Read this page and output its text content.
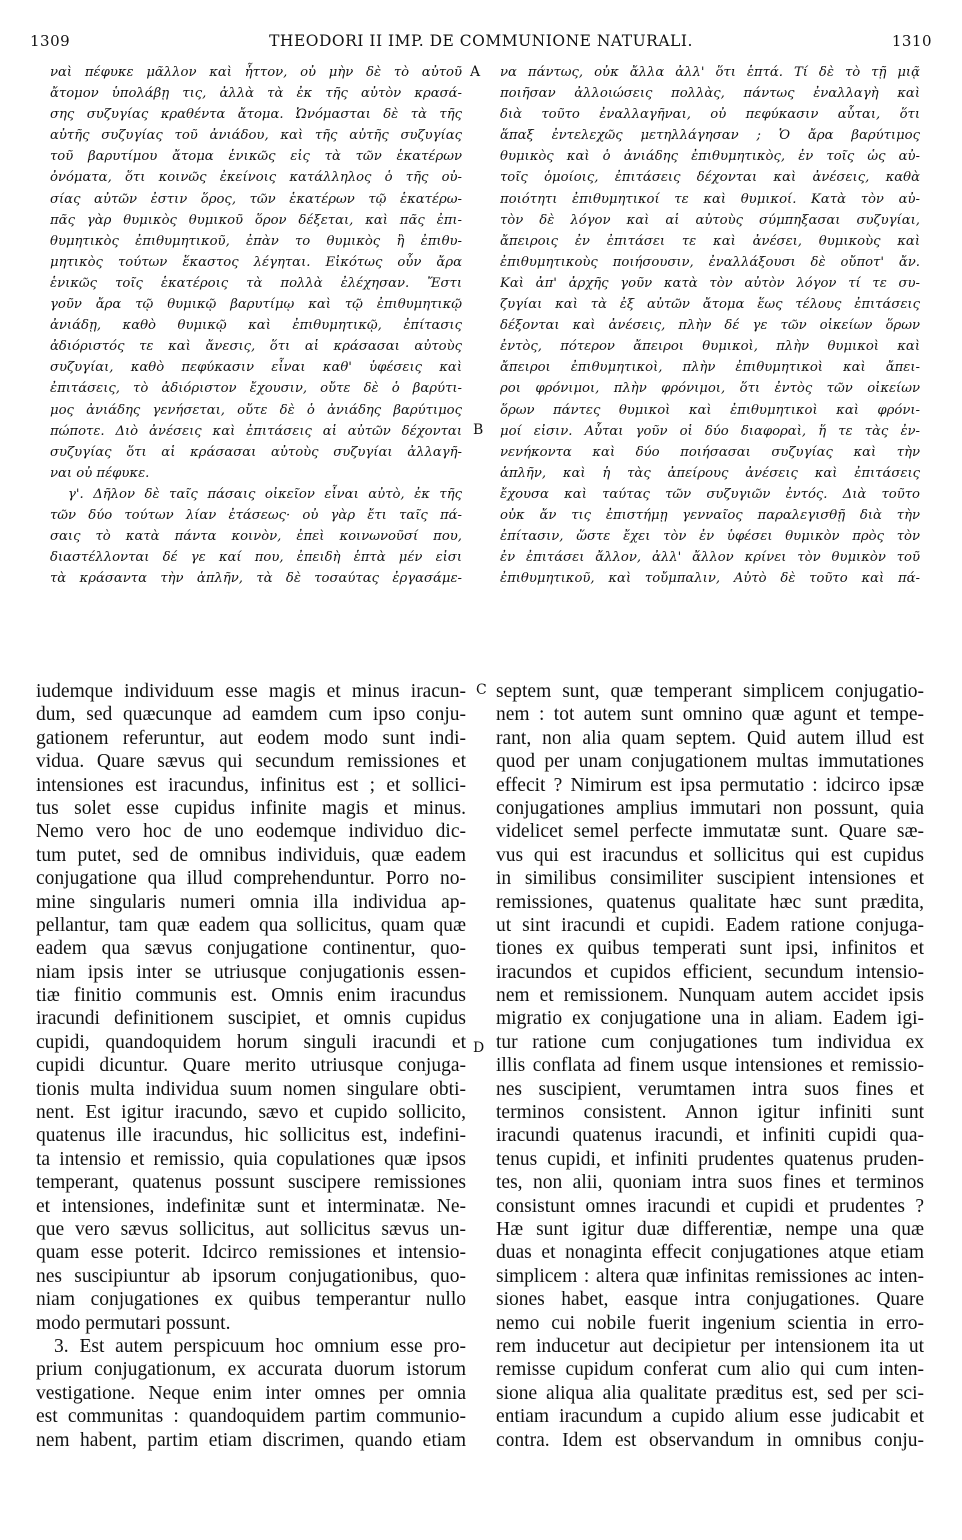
1309	THEODORI II IMP. DE COMMUNIONE NATURALI.	1310
ναὶ πέφυκε μᾶλλον καὶ ἧττον, οὐ μὴν δὲ τὸ αὐτοῦ
ἄτομον ὑπολάβῃ τις, ἀλλὰ τὰ ἐκ τῆς αὐτὸν κρασά-
σης συζυγίας κραθέντα ἄτομα. Ὠνόμασται δὲ τὰ τῆς
αὐτῆς συζυγίας τοῦ ἀνιάδου, καὶ τῆς αὐτῆς συζυγίας
τοῦ βαρυτίμου ἄτομα ἑνικῶς εἰς τὰ τῶν ἑκατέρων
ὀνόματα, ὅτι κοινῶς ἐκείνοις κατάλληλος ὁ τῆς οὐ-
σίας αὐτῶν ἐστιν ὅρος, τῶν ἑκατέρων τῷ ἑκατέρω-
πᾶς γὰρ θυμικὸς θυμικοῦ ὅρον δέξεται, καὶ πᾶς ἐπι-
θυμητικὸς ἐπιθυμητικοῦ, ἐπὰν το θυμικὸς ἢ ἐπιθυ-
μητικὸς τούτων ἕκαστος λέγηται. Εἰκότως οὖν ἄρα
ἑνικῶς τοῖς ἑκατέροις τὰ πολλὰ ἐλέχησαν. Ἔστι
γοῦν ἄρα τῷ θυμικῷ βαρυτίμῳ καὶ τῷ ἐπιθυμητικῷ
ἀνιάδῃ, καθὸ θυμικῷ καὶ ἐπιθυμητικῷ, ἐπίτασις
ἀδιόριστός τε καὶ ἄνεσις, ὅτι αἱ κράσασαι αὐτοὺς
συζυγίαι, καθὸ πεφύκασιν εἶναι καθ' ὑφέσεις καὶ
ἐπιτάσεις, τὸ ἀδιόριστον ἔχουσιν, οὔτε δὲ ὁ βαρύτι-
μος ἀνιάδης γενήσεται, οὔτε δὲ ὁ ἀνιάδης βαρύτιμος
πώποτε. Διὸ ἀνέσεις καὶ ἐπιτάσεις αἱ αὐτῶν δέχονται
συζυγίας ὅτι αἱ κράσασαι αὐτοὺς συζυγίαι ἀλλαγῆ-
ναι οὐ πέφυκε.
γ'. Δῆλον δὲ ταῖς πάσαις οἰκεῖον εἶναι αὐτὸ, ἐκ τῆς
τῶν δύο τούτων λίαν ἐτάσεως· οὐ γὰρ ἔτι ταῖς πά-
σαις τὸ κατὰ πάντα κοινὸν, ἐπεὶ κοινωνοῦσί που,
διαστέλλονται δέ γε καί που, ἐπειδὴ ἑπτὰ μέν εἰσι
τὰ κράσαντα τὴν ἁπλῆν, τὰ δὲ τοσαύτας ἐργασάμε-
να πάντως, οὐκ ἄλλα ἀλλ' ὅτι ἑπτά. Τί δὲ τὸ τῇ μιᾷ
ποιῆσαν ἀλλοιώσεις πολλὰς, πάντως ἐναλλαγὴ καὶ
διὰ τοῦτο ἐναλλαγῆναι, οὐ πεφύκασιν αὗται, ὅτι
ἅπαξ ἐντελεχῶς μετηλλάγησαν ; Ὁ ἄρα βαρύτιμος
θυμικὸς καὶ ὁ ἀνιάδης ἐπιθυμητικὸς, ἐν τοῖς ὡς αὐ-
τοῖς ὁμοίοις, ἐπιτάσεις δέχονται καὶ ἀνέσεις, καθὰ
ποιότητι ἐπιθυμητικοί τε καὶ θυμικοί. Κατὰ τὸν αὐ-
τὸν δὲ λόγον καὶ αἱ αὐτοὺς σύμπηξασαι συζυγίαι,
ἄπειροις ἐν ἐπιτάσει τε καὶ ἀνέσει, θυμικοὺς καὶ
ἐπιθυμητικοὺς ποιήσουσιν, ἐναλλάξουσι δὲ οὔποτ' ἄν.
Καὶ ἀπ' ἀρχῆς γοῦν κατὰ τὸν αὐτὸν λόγον τί τε συ-
ζυγίαι καὶ τὰ ἐξ αὐτῶν ἄτομα ἕως τέλους ἐπιτάσεις
δέξονται καὶ ἀνέσεις, πλὴν δέ γε τῶν οἰκείων ὅρων
ἐντὸς, πότερον ἄπειροι θυμικοὶ, πλὴν θυμικοὶ καὶ
ἄπειροι ἐπιθυμητικοὶ, πλὴν ἐπιθυμητικοὶ καὶ ἄπει-
ροι φρόνιμοι, πλὴν φρόνιμοι, ὅτι ἐντὸς τῶν οἰκείων
ὅρων πάντες θυμικοὶ καὶ ἐπιθυμητικοὶ καὶ φρόνι-
μοί εἰσιν. Αὗται γοῦν οἱ δύο διαφοραὶ, ἥ τε τὰς ἐν-
νενήκοντα καὶ δύο ποιήσασαι συζυγίας καὶ τὴν
ἁπλῆν, καὶ ἡ τὰς ἀπείρους ἀνέσεις καὶ ἐπιτάσεις
ἔχουσα καὶ ταύτας τῶν συζυγιῶν ἐντός. Διὰ τοῦτο
οὐκ ἄν τις ἐπιστήμῃ γενναῖος παραλεγισθῇ διὰ τὴν
ἐπίτασιν, ὥστε ἔχει τὸν ἐν ὑφέσει θυμικὸν πρὸς τὸν
ἐν ἐπιτάσει ἄλλον, ἀλλ' ἄλλον κρίνει τὸν θυμικὸν τοῦ
ἐπιθυμητικοῦ, καὶ τοὔμπαλιν, Αὐτὸ δὲ τοῦτο καὶ πά-
A
B
C
D
iudemque individuum esse magis et minus iracun-
dum, sed quæcunque ad eamdem cum ipso conju-
gationem referuntur, aut eodem modo sunt indi-
vidua. Quare sævus qui secundum remissiones et
intensiones est iracundus, infinitus est ; et sollici-
tus solet esse cupidus infinite magis et minus.
Nemo vero hoc de uno eodemque individuo dic-
tum putet, sed de omnibus individuis, quæ eadem
conjugatione qua illud comprehenduntur. Porro no-
mine singularis numeri omnia illa individua ap-
pellantur, tam quæ eadem qua sollicitus, quam quæ
eadem qua sævus conjugatione continentur, quo-
niam ipsis inter se utriusque conjugationis essen-
tiæ finitio communis est. Omnis enim iracundus
iracundi definitionem suscipiet, et omnis cupidus
cupidi, quandoquidem horum singuli iracundi et
cupidi dicuntur. Quare merito utriusque conjuga-
tionis multa individua suum nomen singulare obti-
nent. Est igitur iracundo, sævo et cupido sollicito,
quatenus ille iracundus, hic sollicitus est, indefini-
ta intensio et remissio, quia copulationes quæ ipsos
temperant, quatenus possunt suscipere remissiones
et intensiones, indefinitæ sunt et interminatæ. Ne-
que vero sævus sollicitus, aut sollicitus sævus un-
quam esse poterit. Idcirco remissiones et intensio-
nes suscipiuntur ab ipsorum conjugationibus, quo-
niam conjugationes ex quibus temperantur nullo
modo permutari possunt.
3. Est autem perspicuum hoc omnium esse pro-
prium conjugationum, ex accurata duorum istorum
vestigatione. Neque enim inter omnes per omnia
est communitas : quandoquidem partim communio-
nem habent, partim etiam discrimen, quando etiam
septem sunt, quæ temperant simplicem conjugatio-
nem : tot autem sunt omnino quæ agunt et tempe-
rant, non alia quam septem. Quid autem illud est
quod per unam conjugationem multas immutationes
effecit ? Nimirum est ipsa permutatio : idcirco ipsæ
conjugationes amplius immutari non possunt, quia
videlicet semel perfecte immutatæ sunt. Quare sæ-
vus qui est iracundus et sollicitus qui est cupidus
in similibus consimiliter suscipient intensiones et
remissiones, quatenus qualitate hæc sunt prædita,
ut sint iracundi et cupidi. Eadem ratione conjuga-
tiones ex quibus temperati sunt ipsi, infinitos et
iracundos et cupidos efficient, secundum intensio-
nem et remissionem. Nunquam autem accidet ipsis
migratio ex conjugatione una in aliam. Eadem igi-
tur ratione cum conjugationes tum individua ex
illis conflata ad finem usque intensiones et remissio-
nes suscipient, verumtamen intra suos fines et
terminos consistent. Annon igitur infiniti sunt
iracundi quatenus iracundi, et infiniti cupidi qua-
tenus cupidi, et infiniti prudentes quatenus pruden-
tes, non alii, quoniam intra suos fines et terminos
consistunt omnes iracundi et cupidi et prudentes ?
Hæ sunt igitur duæ differentiæ, nempe una quæ
duas et nonaginta effecit conjugationes atque etiam
simplicem : altera quæ infinitas remissiones ac inten-
siones habet, easque intra conjugationes. Quare
nemo cui nobile fuerit ingenium scientia in erro-
rem inducetur aut decipietur per intensionem ita ut
remisse cupidum conferat cum alio qui cum inten-
sione aliqua alia qualitate præditus est, sed per sci-
entiam iracundum a cupido alium esse judicabit et
contra. Idem est observandum in omnibus conju-
